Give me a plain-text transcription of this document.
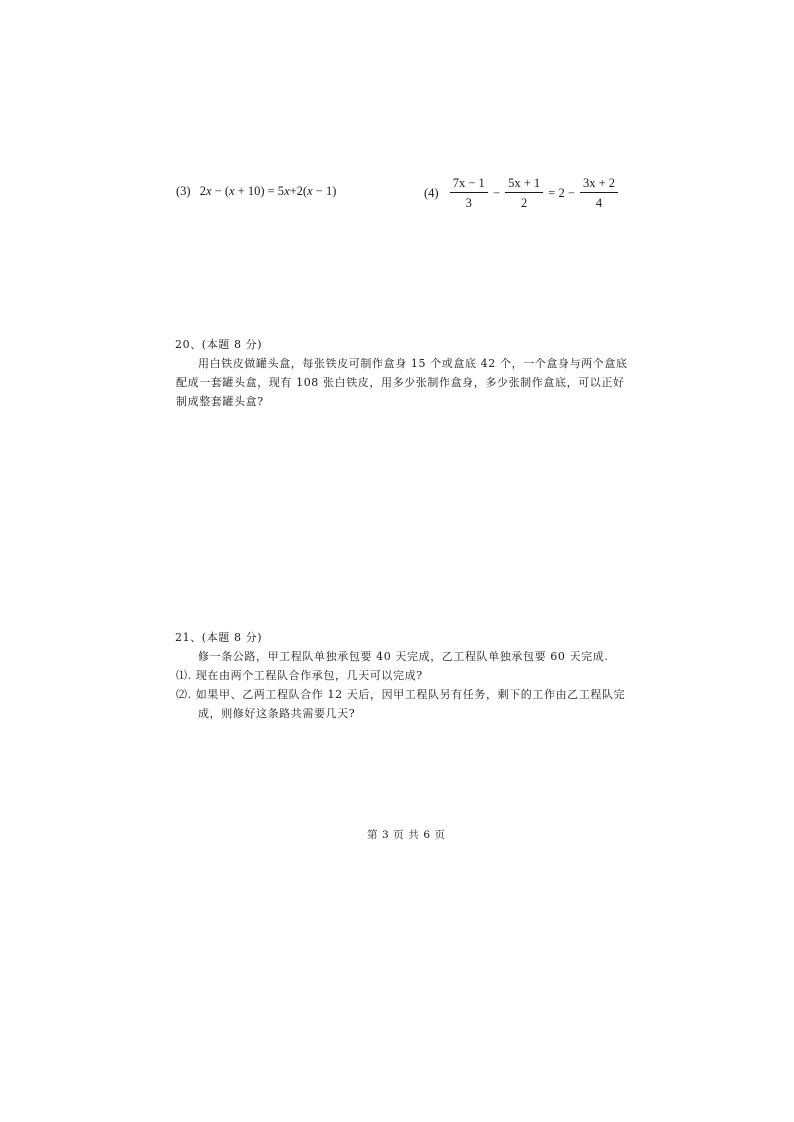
(3) 2x − (x + 10) = 5x+2(x − 1)	$(4) \frac{7x - 1}{3} - \frac{5x + 1}{2} = 2 - \frac{3x + 2}{4}$
20、(本题 8 分)
用白铁皮做罐头盒，每张铁皮可制作盒身 15 个或盒底 42 个，一个盒身与两个盒底
配成一套罐头盒，现有 108 张白铁皮，用多少张制作盒身，多少张制作盒底，可以正好
制成整套罐头盒?
21、(本题 8 分)
修一条公路，甲工程队单独承包要 40 天完成，乙工程队单独承包要 60 天完成.
⑴. 现在由两个工程队合作承包，几天可以完成?
⑵. 如果甲、乙两工程队合作 12 天后，因甲工程队另有任务，剩下的工作由乙工程队完
成，则修好这条路共需要几天?
第 3 页 共 6 页
